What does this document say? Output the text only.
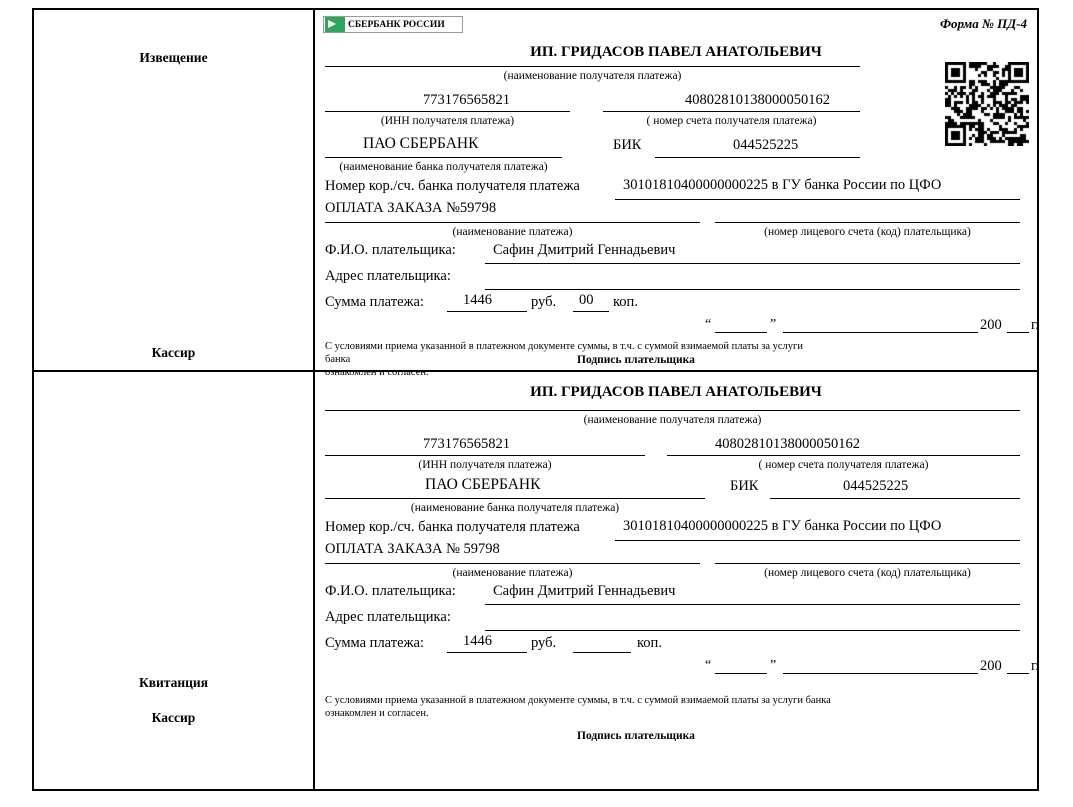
Извещение
Кассир
СБЕРБАНК РОССИИ	Форма № ПД-4
ИП. ГРИДАСОВ ПАВЕЛ АНАТОЛЬЕВИЧ
(наименование получателя платежа)
773176565821
(ИНН получателя платежа)
40802810138000050162
( номер счета получателя платежа)
ПАО СБЕРБАНК
(наименование банка получателя платежа)
БИК	044525225
Номер кор./сч. банка получателя платежа	30101810400000000225 в ГУ банка России по ЦФО
ОПЛАТА ЗАКАЗА №59798
(наименование платежа)	(номер лицевого счета (код) плательщика)
Ф.И.О. плательщика:	Сафин Дмитрий Геннадьевич
Адрес плательщика:
Сумма платежа:	1446	руб. 00 коп.
“	”	200 г.
С условиями приема указанной в платежном документе суммы, в т.ч. с суммой взимаемой платы за услуги банка
ознакомлен и согласен.
Подпись плательщика
Квитанция
Кассир
ИП. ГРИДАСОВ ПАВЕЛ АНАТОЛЬЕВИЧ
(наименование получателя платежа)
773176565821
(ИНН получателя платежа)
40802810138000050162
( номер счета получателя платежа)
ПАО СБЕРБАНК
(наименование банка получателя платежа)
БИК	044525225
Номер кор./сч. банка получателя платежа	30101810400000000225 в ГУ банка России по ЦФО
ОПЛАТА ЗАКАЗА № 59798
(наименование платежа)	(номер лицевого счета (код) плательщика)
Ф.И.О. плательщика:	Сафин Дмитрий Геннадьевич
Адрес плательщика:
Сумма платежа:	1446	руб.	коп.
“	”	200 г.
С условиями приема указанной в платежном документе суммы, в т.ч. с суммой взимаемой платы за услуги банка
ознакомлен и согласен.
Подпись плательщика
